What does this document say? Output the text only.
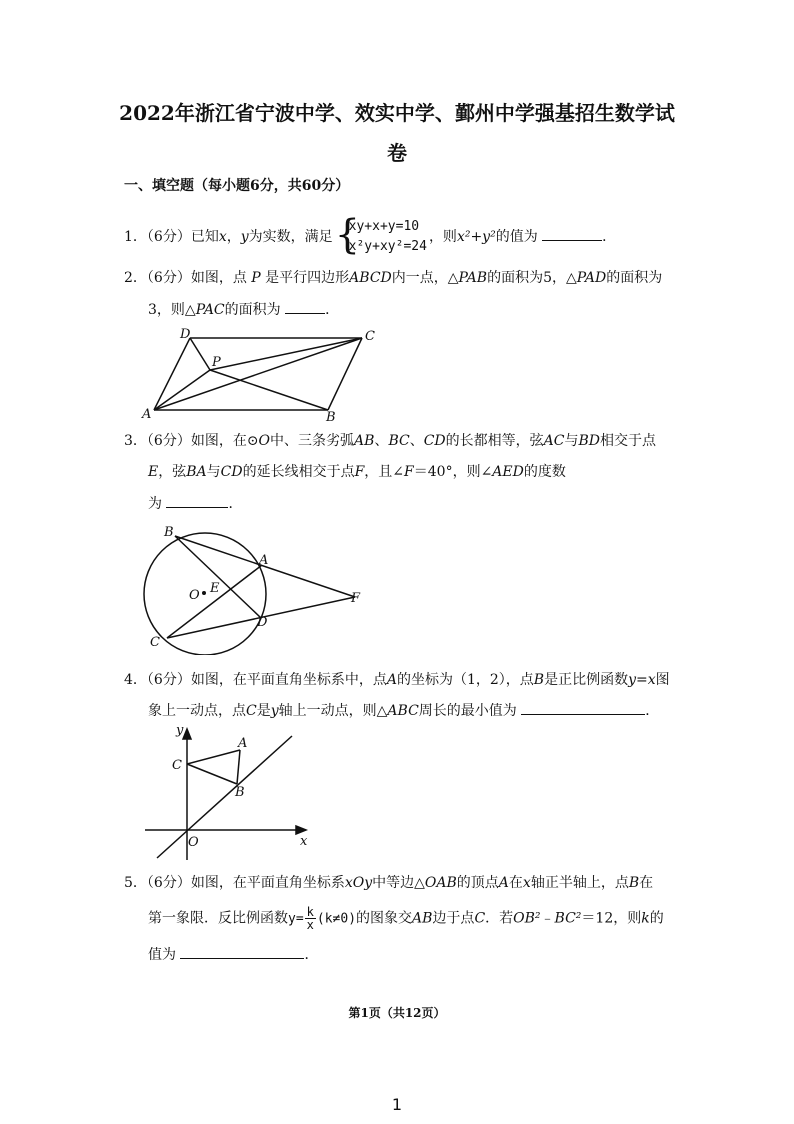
2022年浙江省宁波中学、效实中学、鄞州中学强基招生数学试
卷
一、填空题（每小题6分，共60分）
1．（6分）已知x，y为实数，满足 {
xy+x+y=10
x²y+xy²=24
，则x²+y²的值为	．
2．（6分）如图，点 P 是平行四边形ABCD内一点，△PAB的面积为5，△PAD的面积为
3，则△PAC的面积为	．
A	B
C
D
P
3．（6分）如图，在⊙O中、三条劣弧AB、BC、CD的长都相等，弦AC与BD相交于点
E，弦BA与CD的延长线相交于点F，且∠F＝40°，则∠AED的度数
为	．
B
A
C
D
E
F
O
4．（6分）如图，在平面直角坐标系中，点A的坐标为（1，2），点B是正比例函数y=x图
象上一动点，点C是y轴上一动点，则△ABC周长的最小值为	．
A
B
C
O	x
y
5．（6分）如图，在平面直角坐标系xOy中等边△OAB的顶点A在x轴正半轴上，点B在
第一象限．反比例函数$y= \frac{k}{x} (k\ne 0)$的图象交AB边于点C．若OB²﹣BC²＝12，则k的
值为	．
第1页（共12页）
1
